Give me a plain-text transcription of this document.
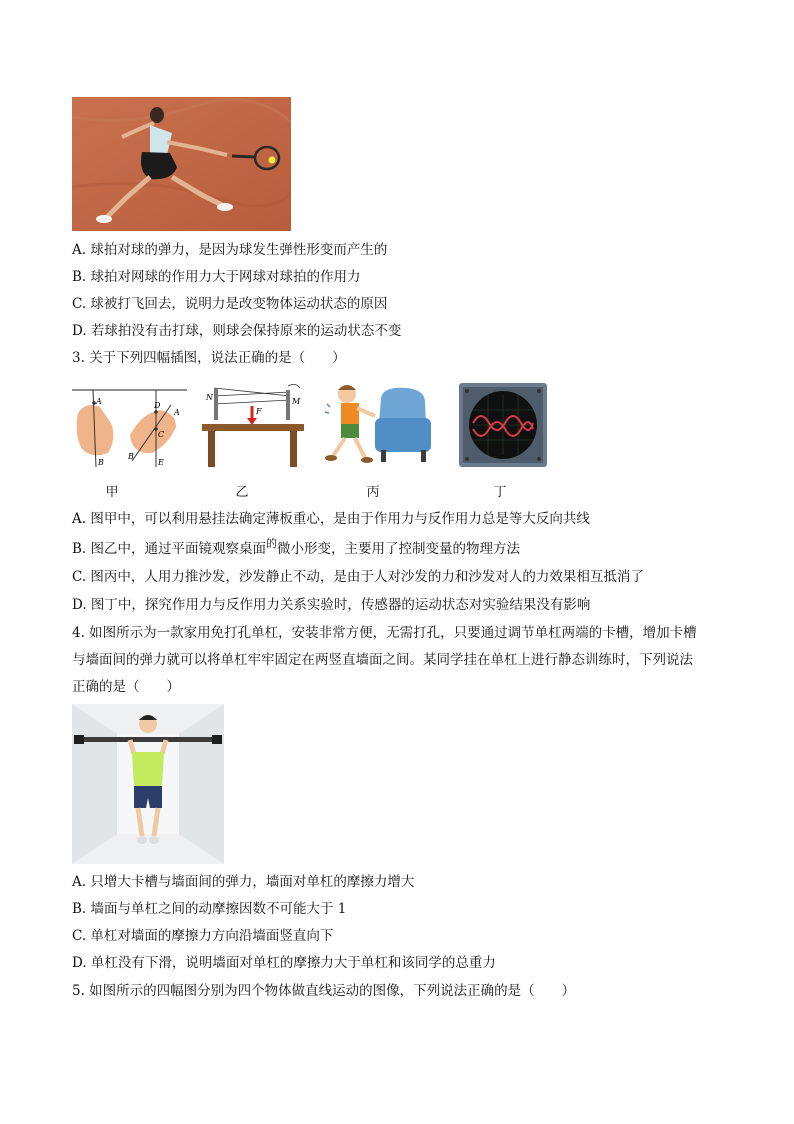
A. 球拍对球的弹力，是因为球发生弹性形变而产生的
B. 球拍对网球的作用力大于网球对球拍的作用力
C. 球被打飞回去，说明力是改变物体运动状态的原因
D. 若球拍没有击打球，则球会保持原来的运动状态不变
3. 关于下列四幅插图，说法正确的是（　　）
A
B
D
A
C
B
E
N	M
F
甲	乙	丙	丁
A. 图甲中，可以利用悬挂法确定薄板重心，是由于作用力与反作用力总是等大反向共线
B. 图乙中，通过平面镜观察桌面$^的$微小形变，主要用了控制变量的物理方法
C. 图丙中，人用力推沙发，沙发静止不动，是由于人对沙发的力和沙发对人的力效果相互抵消了
D. 图丁中，探究作用力与反作用力关系实验时，传感器的运动状态对实验结果没有影响
4. 如图所示为一款家用免打孔单杠，安装非常方便，无需打孔，只要通过调节单杠两端的卡槽，增加卡槽
与墙面间的弹力就可以将单杠牢牢固定在两竖直墙面之间。某同学挂在单杠上进行静态训练时，下列说法
正确的是（　　）
A. 只增大卡槽与墙面间的弹力，墙面对单杠的摩擦力增大
B. 墙面与单杠之间的动摩擦因数不可能大于 1
C. 单杠对墙面的摩擦力方向沿墙面竖直向下
D. 单杠没有下滑，说明墙面对单杠的摩擦力大于单杠和该同学的总重力
5. 如图所示的四幅图分别为四个物体做直线运动的图像，下列说法正确的是（　　）
